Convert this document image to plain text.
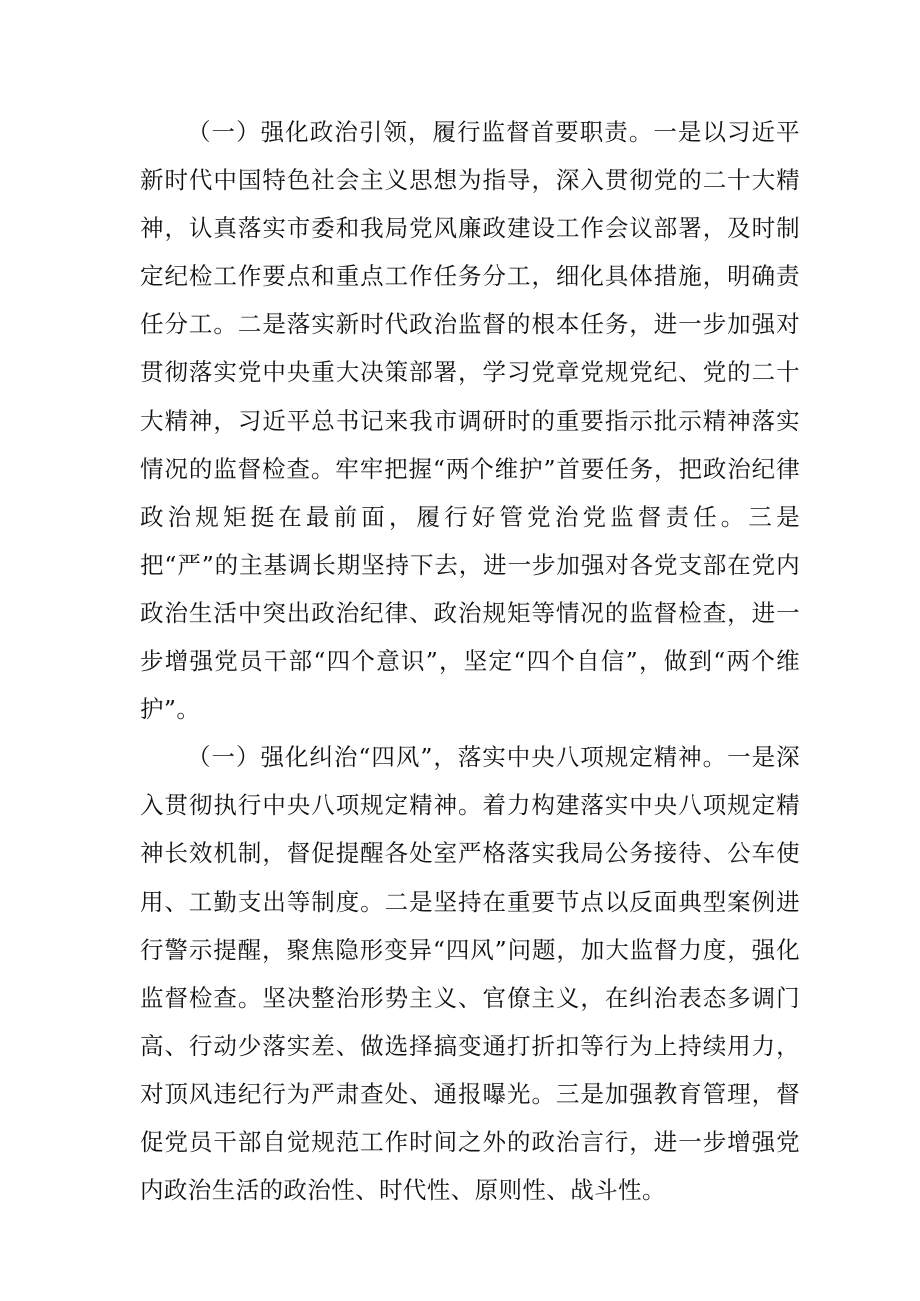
（一）强化政治引领，履行监督首要职责。一是以习近平新时代中国特色社会主义思想为指导，深入贯彻党的二十大精神，认真落实市委和我局党风廉政建设工作会议部署，及时制定纪检工作要点和重点工作任务分工，细化具体措施，明确责任分工。二是落实新时代政治监督的根本任务，进一步加强对贯彻落实党中央重大决策部署，学习党章党规党纪、党的二十大精神，习近平总书记来我市调研时的重要指示批示精神落实情况的监督检查。牢牢把握“两个维护”首要任务，把政治纪律政治规矩挺在最前面，履行好管党治党监督责任。三是把“严”的主基调长期坚持下去，进一步加强对各党支部在党内政治生活中突出政治纪律、政治规矩等情况的监督检查，进一步增强党员干部“四个意识”，坚定“四个自信”，做到“两个维护”。

（一）强化纠治“四风”，落实中央八项规定精神。一是深入贯彻执行中央八项规定精神。着力构建落实中央八项规定精神长效机制，督促提醒各处室严格落实我局公务接待、公车使用、工勤支出等制度。二是坚持在重要节点以反面典型案例进行警示提醒，聚焦隐形变异“四风”问题，加大监督力度，强化监督检查。坚决整治形势主义、官僚主义，在纠治表态多调门高、行动少落实差、做选择搞变通打折扣等行为上持续用力，对顶风违纪行为严肃查处、通报曝光。三是加强教育管理，督促党员干部自觉规范工作时间之外的政治言行，进一步增强党内政治生活的政治性、时代性、原则性、战斗性。
